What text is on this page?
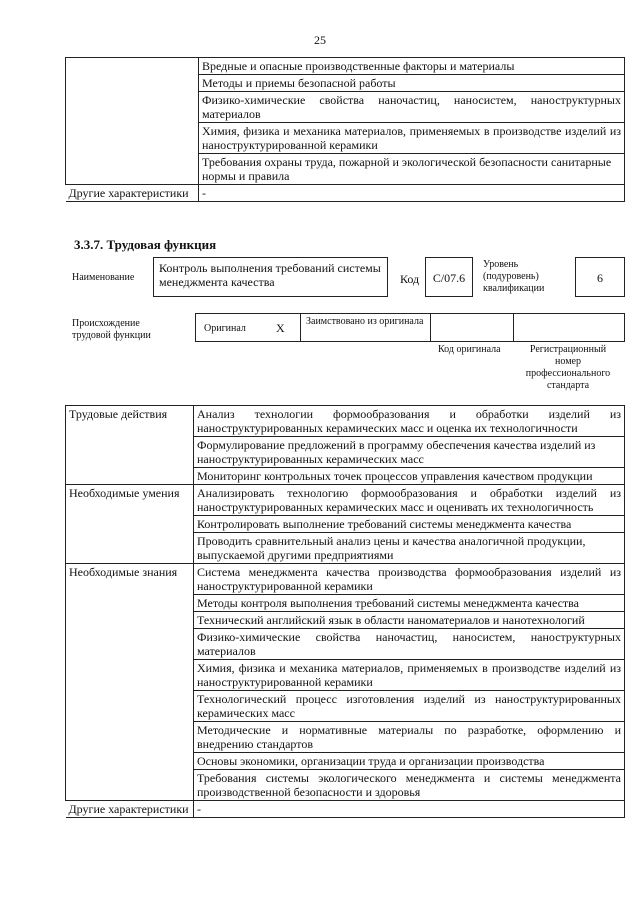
25
	Вредные и опасные производственные факторы и материалы
	Методы и приемы безопасной работы
	Физико-химические свойства наночастиц, наносистем, наноструктурных материалов
	Химия, физика и механика материалов, применяемых в производстве изделий из наноструктурированной керамики
	Требования охраны труда, пожарной и экологической безопасности санитарные нормы и правила
Другие характеристики	-
3.3.7. Трудовая функция
Наименование
Контроль выполнения требований системы менеджмента качества	Код	С/07.6
Уровень (подуровень) квалификации
6
Происхождение трудовой функции
Оригинал	X Заимствовано из оригинала
Код оригинала	Регистрационный номер профессионального стандарта
Трудовые действия	Анализ технологии формообразования и обработки изделий из наноструктурированных керамических масс и оценка их технологичности
	Формулирование предложений в программу обеспечения качества изделий из наноструктурированных керамических масс
	Мониторинг контрольных точек процессов управления качеством продукции
Необходимые умения	Анализировать технологию формообразования и обработки изделий из наноструктурированных керамических масс и оценивать их технологичность
	Контролировать выполнение требований системы менеджмента качества
	Проводить сравнительный анализ цены и качества аналогичной продукции, выпускаемой другими предприятиями
Необходимые знания	Система менеджмента качества производства формообразования изделий из наноструктурированной керамики
	Методы контроля выполнения требований системы менеджмента качества
	Технический английский язык в области наноматериалов и нанотехнологий
	Физико-химические свойства наночастиц, наносистем, наноструктурных материалов
	Химия, физика и механика материалов, применяемых в производстве изделий из наноструктурированной керамики
	Технологический процесс изготовления изделий из наноструктурированных керамических масс
	Методические и нормативные материалы по разработке, оформлению и внедрению стандартов
	Основы экономики, организации труда и организации производства
	Требования системы экологического менеджмента и системы менеджмента производственной безопасности и здоровья
Другие характеристики	-
